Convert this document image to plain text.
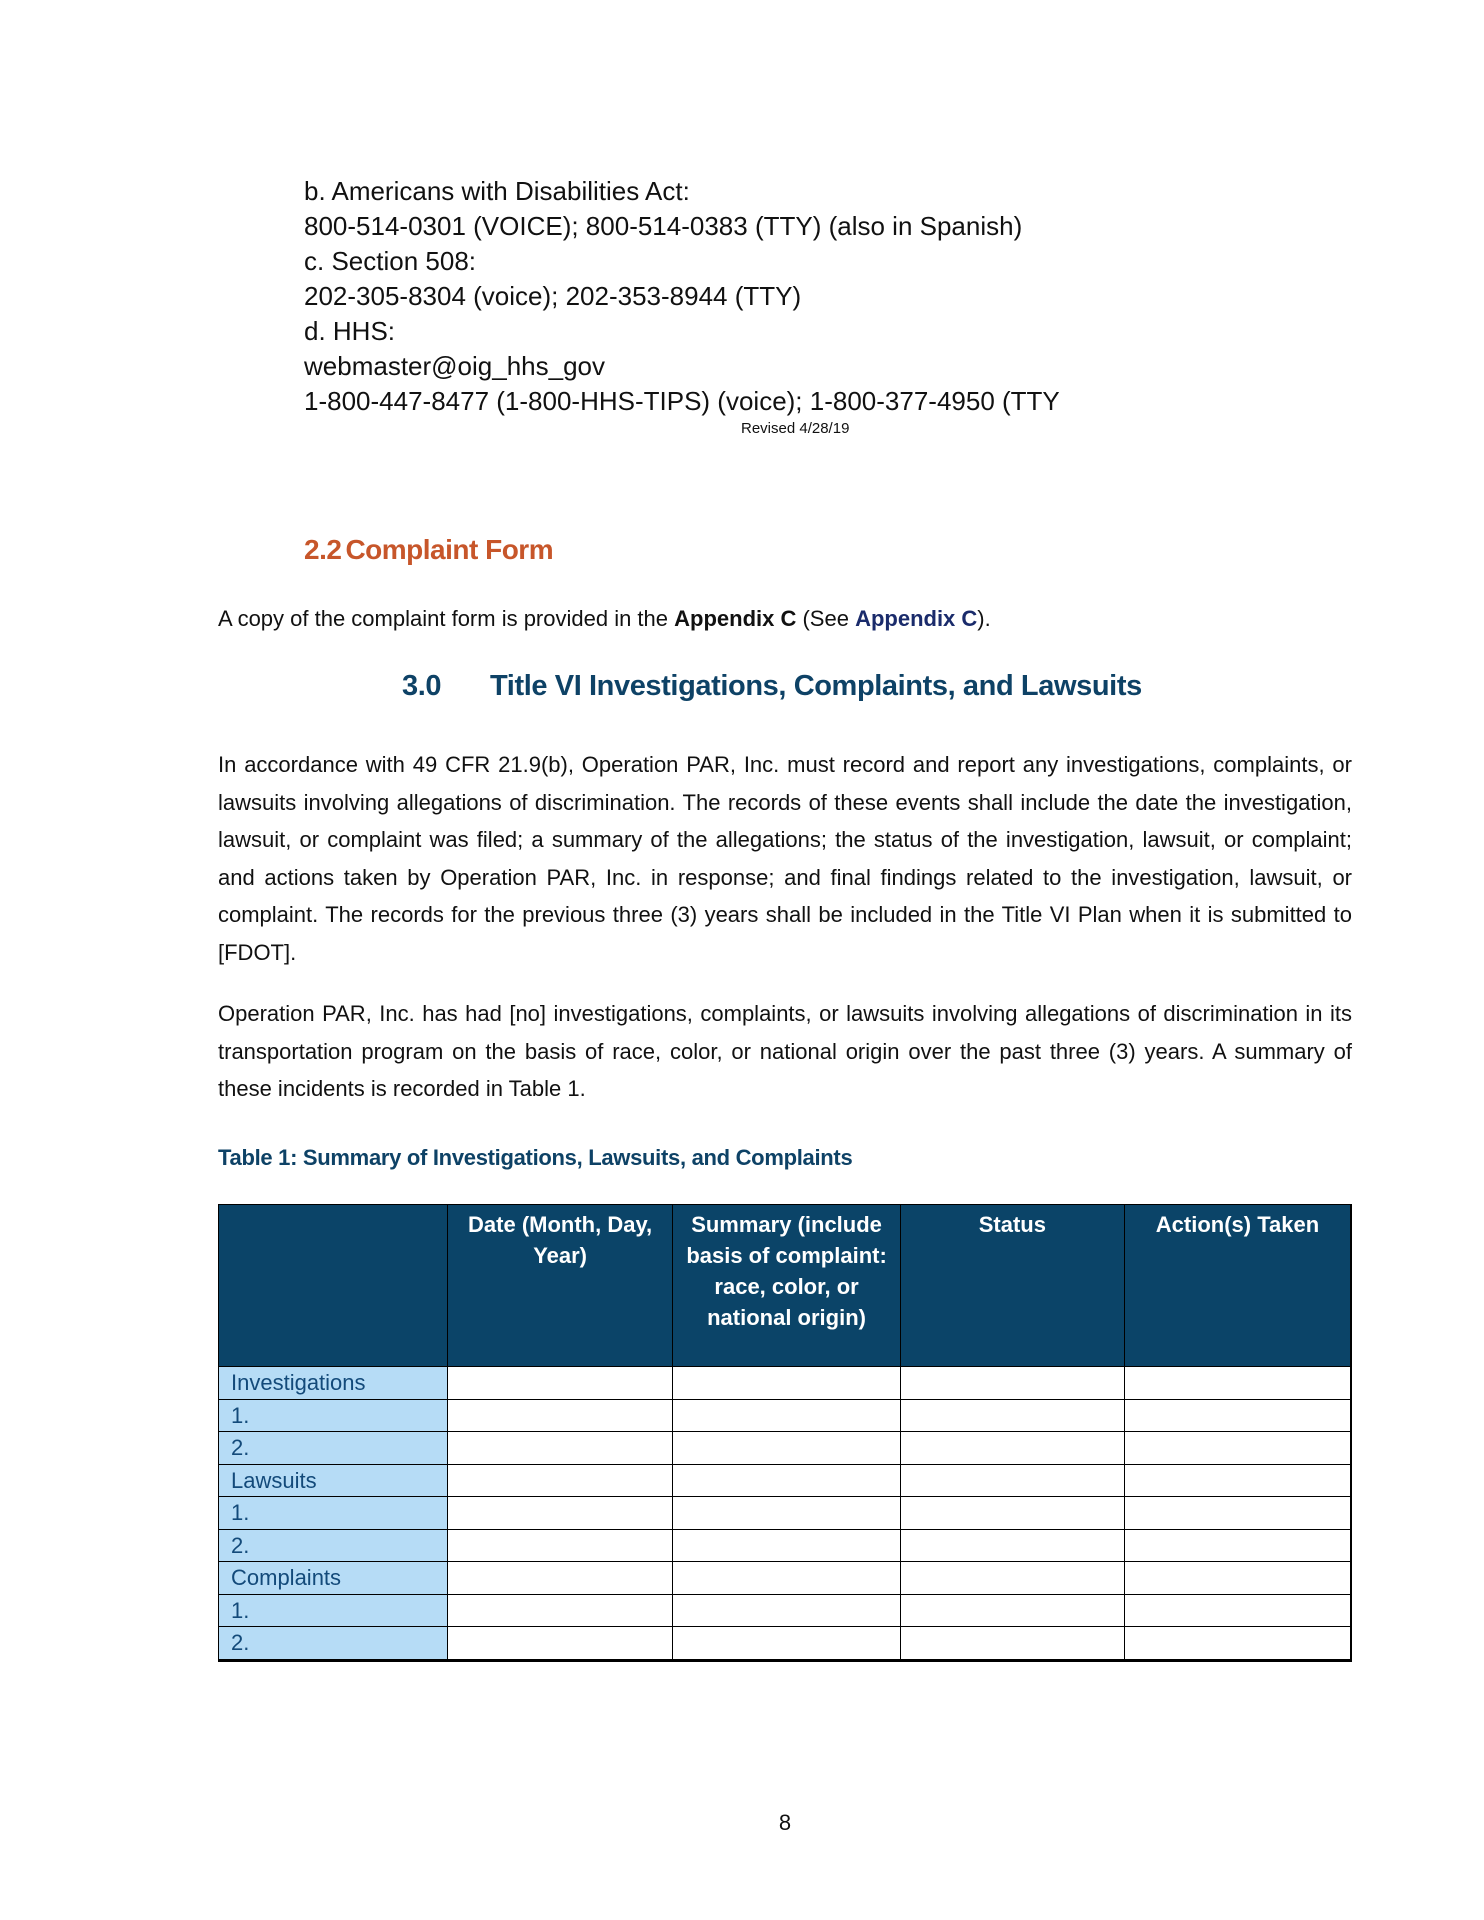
b. Americans with Disabilities Act:
800-514-0301 (VOICE); 800-514-0383 (TTY) (also in Spanish)
c. Section 508:
202-305-8304 (voice); 202-353-8944 (TTY)
d. HHS:
webmaster@oig_hhs_gov
1-800-447-8477 (1-800-HHS-TIPS) (voice); 1-800-377-4950 (TTY
Revised 4/28/19
2.2 Complaint Form
A copy of the complaint form is provided in the Appendix C (See Appendix C).
3.0 Title VI Investigations, Complaints, and Lawsuits
In accordance with 49 CFR 21.9(b), Operation PAR, Inc. must record and report any investigations, complaints, or lawsuits involving allegations of discrimination. The records of these events shall include the date the investigation, lawsuit, or complaint was filed; a summary of the allegations; the status of the investigation, lawsuit, or complaint; and actions taken by Operation PAR, Inc. in response; and final findings related to the investigation, lawsuit, or complaint. The records for the previous three (3) years shall be included in the Title VI Plan when it is submitted to [FDOT].
Operation PAR, Inc. has had [no] investigations, complaints, or lawsuits involving allegations of discrimination in its transportation program on the basis of race, color, or national origin over the past three (3) years. A summary of these incidents is recorded in Table 1.
Table 1: Summary of Investigations, Lawsuits, and Complaints
	Date (Month, Day, Year)	Summary (include basis of complaint: race, color, or national origin)	Status	Action(s) Taken
Investigations				
1.				
2.				
Lawsuits				
1.				
2.				
Complaints				
1.				
2.				
8
